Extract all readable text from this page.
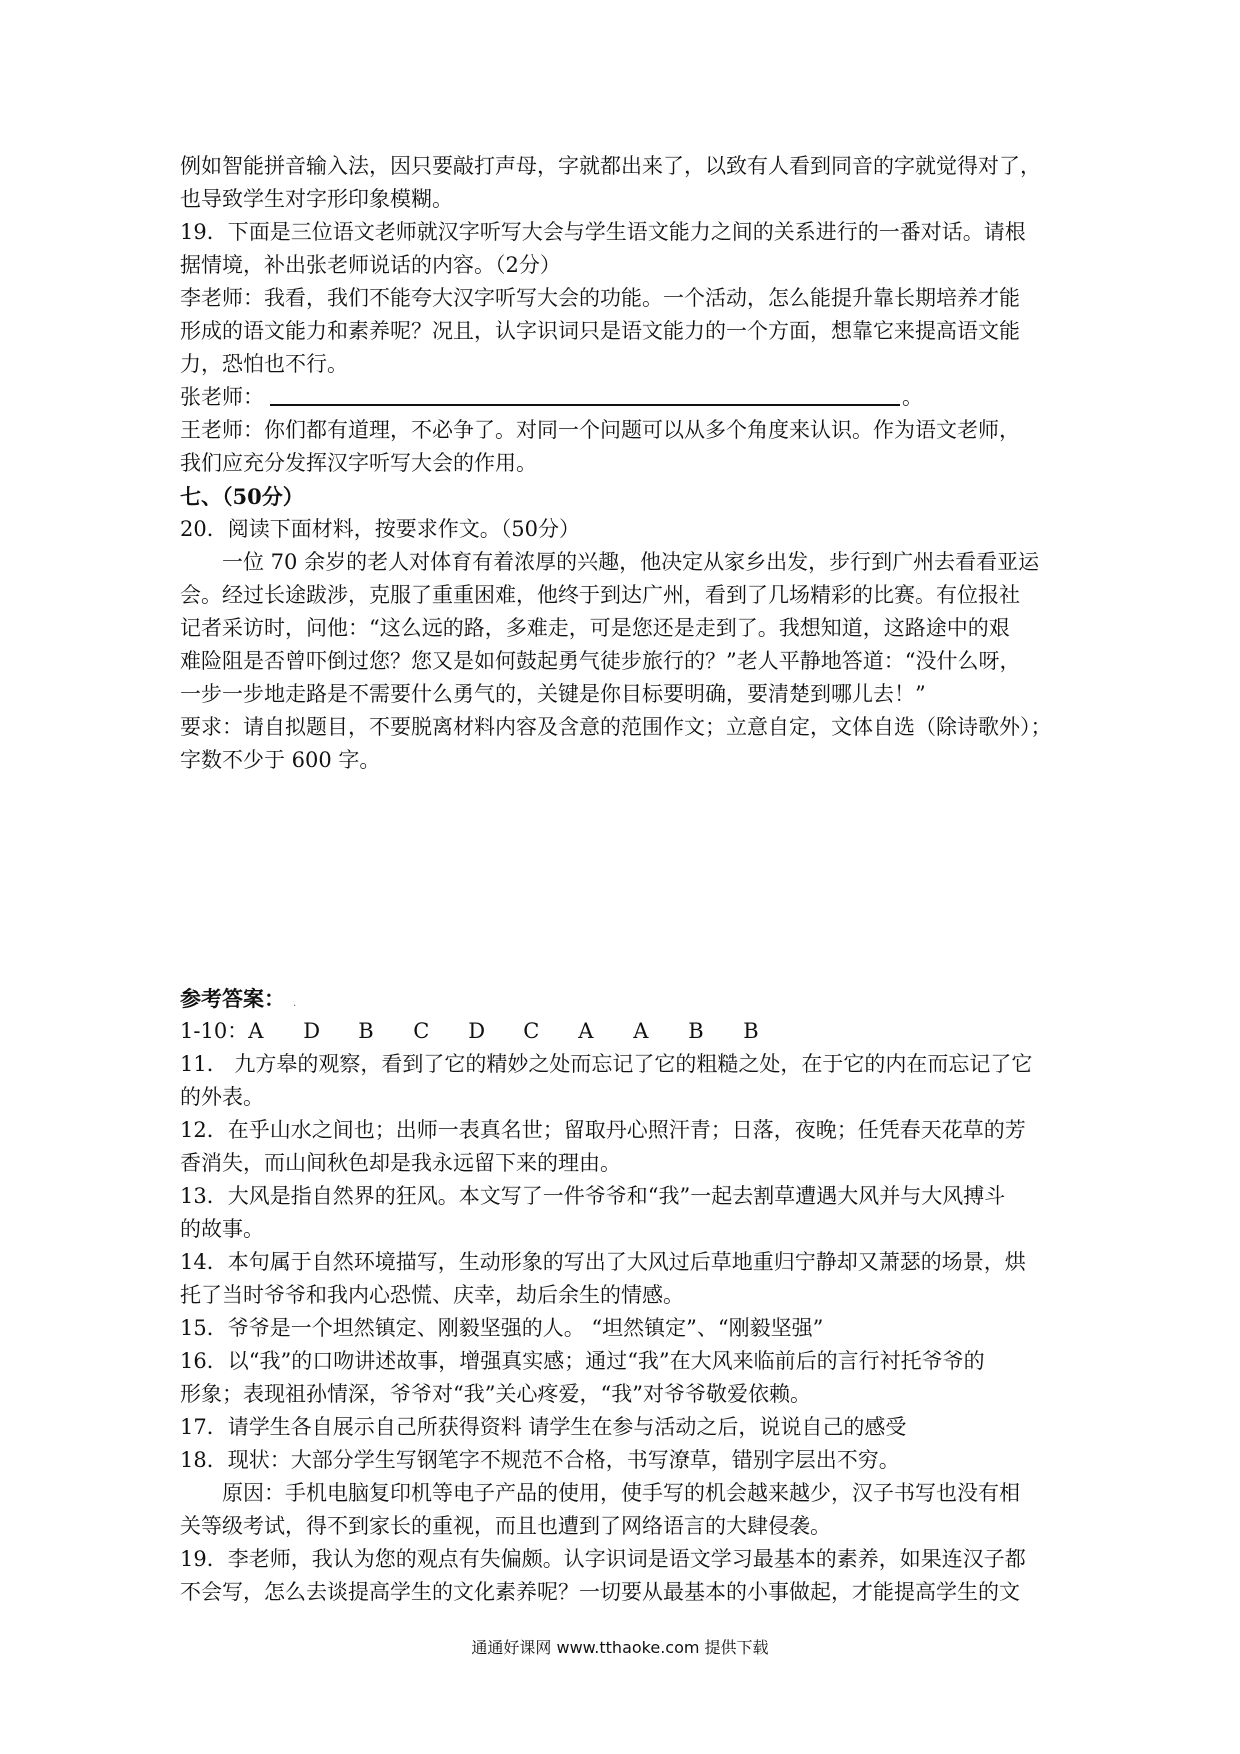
例如智能拼音输入法，因只要敲打声母，字就都出来了，以致有人看到同音的字就觉得对了，
也导致学生对字形印象模糊。
19．下面是三位语文老师就汉字听写大会与学生语文能力之间的关系进行的一番对话。请根
据情境，补出张老师说话的内容。（2分）
李老师：我看，我们不能夸大汉字听写大会的功能。一个活动，怎么能提升靠长期培养才能
形成的语文能力和素养呢？况且，认字识词只是语文能力的一个方面，想靠它来提高语文能
力，恐怕也不行。
张老师：	。
王老师：你们都有道理，不必争了。对同一个问题可以从多个角度来认识。作为语文老师，
我们应充分发挥汉字听写大会的作用。
七、（50分）
20．阅读下面材料，按要求作文。（50分）
一位 70 余岁的老人对体育有着浓厚的兴趣，他决定从家乡出发，步行到广州去看看亚运
会。经过长途跋涉，克服了重重困难，他终于到达广州，看到了几场精彩的比赛。有位报社
记者采访时，问他：“这么远的路，多难走，可是您还是走到了。我想知道，这路途中的艰
难险阻是否曾吓倒过您？您又是如何鼓起勇气徒步旅行的？”老人平静地答道：“没什么呀，
一步一步地走路是不需要什么勇气的，关键是你目标要明确，要清楚到哪儿去！”
要求：请自拟题目，不要脱离材料内容及含意的范围作文；立意自定，文体自选（除诗歌外）；
字数不少于 600 字。
参考答案： .
1-10： A	D	B	C	D	C	A	A	B	B
11． 九方皋的观察，看到了它的精妙之处而忘记了它的粗糙之处，在于它的内在而忘记了它
的外表。
12．在乎山水之间也；出师一表真名世；留取丹心照汗青；日落，夜晚；任凭春天花草的芳
香消失，而山间秋色却是我永远留下来的理由。
13．大风是指自然界的狂风。本文写了一件爷爷和“我”一起去割草遭遇大风并与大风搏斗
的故事。
14．本句属于自然环境描写，生动形象的写出了大风过后草地重归宁静却又萧瑟的场景，烘
托了当时爷爷和我内心恐慌、庆幸，劫后余生的情感。
15．爷爷是一个坦然镇定、刚毅坚强的人。 “坦然镇定”、“刚毅坚强”
16．以“我”的口吻讲述故事，增强真实感；通过“我”在大风来临前后的言行衬托爷爷的
形象；表现祖孙情深，爷爷对“我”关心疼爱，“我”对爷爷敬爱依赖。
17．请学生各自展示自己所获得资料 请学生在参与活动之后，说说自己的感受
18．现状：大部分学生写钢笔字不规范不合格，书写潦草，错别字层出不穷。
原因：手机电脑复印机等电子产品的使用，使手写的机会越来越少，汉子书写也没有相
关等级考试，得不到家长的重视，而且也遭到了网络语言的大肆侵袭。
19．李老师，我认为您的观点有失偏颇。认字识词是语文学习最基本的素养，如果连汉子都
不会写，怎么去谈提高学生的文化素养呢？一切要从最基本的小事做起，才能提高学生的文
通通好课网 www.tthaoke.com 提供下载
